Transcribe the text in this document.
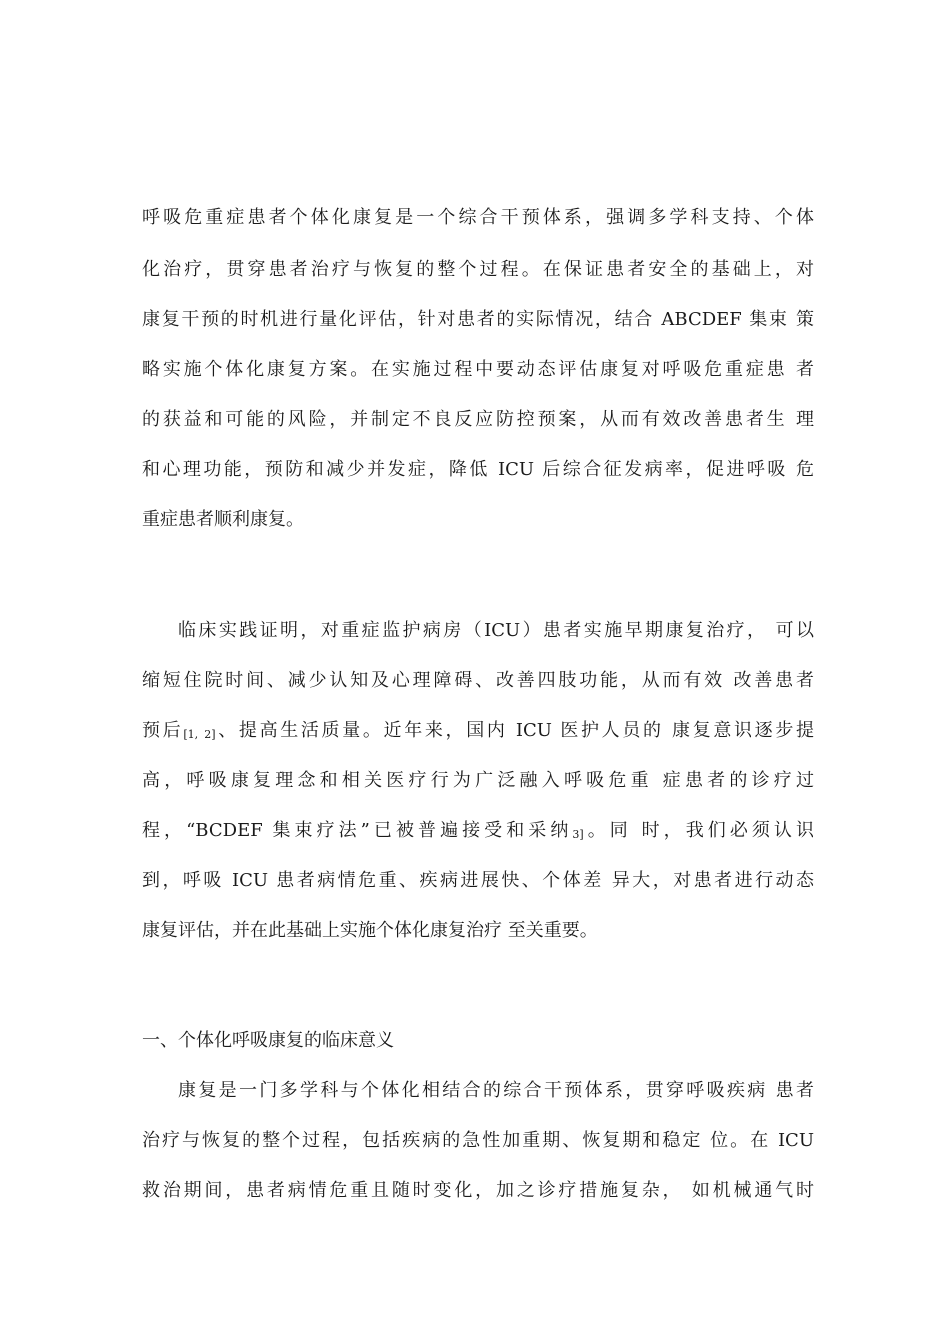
呼吸危重症患者个体化康复是一个综合干预体系，强调多学科支持、个体
化治疗，贯穿患者治疗与恢复的整个过程。在保证患者安全的基础上，对
康复干预的时机进行量化评估，针对患者的实际情况，结合 ABCDEF 集束 策
略实施个体化康复方案。在实施过程中要动态评估康复对呼吸危重症患 者
的获益和可能的风险，并制定不良反应防控预案，从而有效改善患者生 理
和心理功能，预防和减少并发症，降低 ICU 后综合征发病率，促进呼吸 危
重症患者顺利康复。
临床实践证明，对重症监护病房（ICU）患者实施早期康复治疗， 可以
缩短住院时间、减少认知及心理障碍、改善四肢功能，从而有效 改善患者
预后[1, 2]、提高生活质量。近年来，国内 ICU 医护人员的 康复意识逐步提
高，呼吸康复理念和相关医疗行为广泛融入呼吸危重 症患者的诊疗过
程，“BCDEF 集束疗法”已被普遍接受和采纳3]。同 时，我们必须认识
到，呼吸 ICU 患者病情危重、疾病进展快、个体差 异大，对患者进行动态
康复评估，并在此基础上实施个体化康复治疗 至关重要。
一、个体化呼吸康复的临床意义
康复是一门多学科与个体化相结合的综合干预体系，贯穿呼吸疾病 患者
治疗与恢复的整个过程，包括疾病的急性加重期、恢复期和稳定 位。在 ICU
救治期间，患者病情危重且随时变化，加之诊疗措施复杂， 如机械通气时
